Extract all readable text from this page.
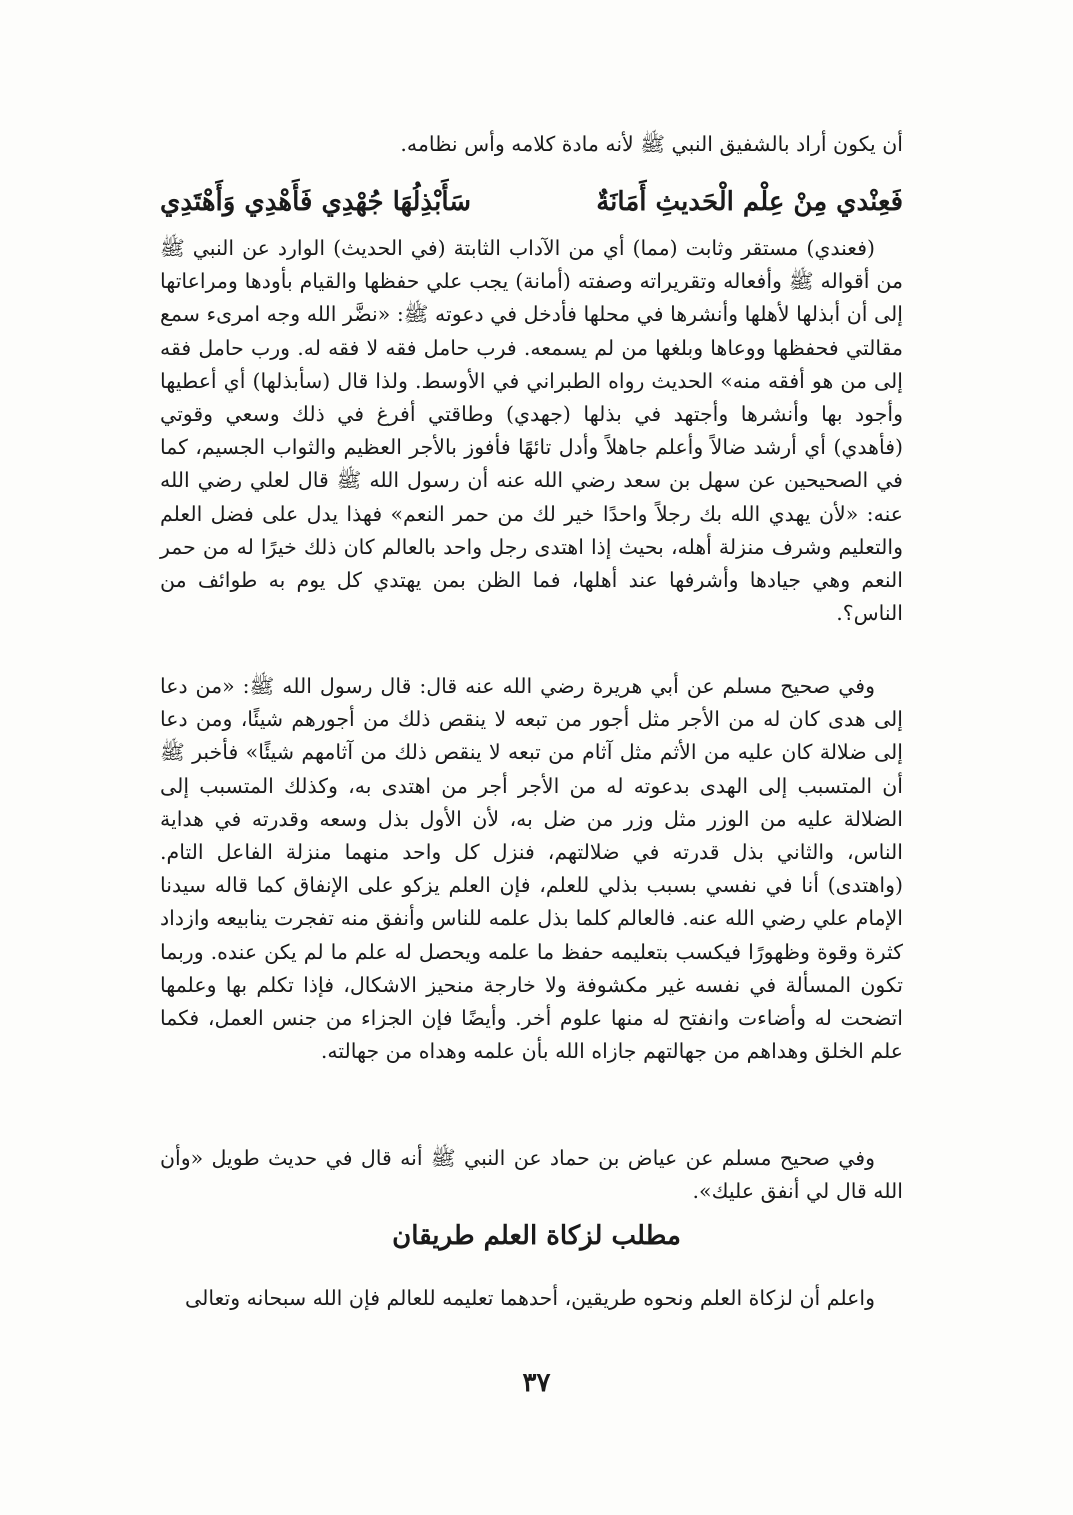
أن يكون أراد بالشفيق النبي ﷺ لأنه مادة كلامه وأس نظامه.
فَعِنْدي مِنْ عِلْم الْحَديثِ أَمَانَةٌ
سَأَبْذِلُهَا جُهْدِي فَأَهْدِي وَأَهْتَدِي
(فعندي) مستقر وثابت (مما) أي من الآداب الثابتة (في الحديث) الوارد عن النبي ﷺ من أقواله ﷺ وأفعاله وتقريراته وصفته (أمانة) يجب علي حفظها والقيام بأودها ومراعاتها إلى أن أبذلها لأهلها وأنشرها في محلها فأدخل في دعوته ﷺ: «نضَّر الله وجه امرىء سمع مقالتي فحفظها ووعاها وبلغها من لم يسمعه. فرب حامل فقه لا فقه له. ورب حامل فقه إلى من هو أفقه منه» الحديث رواه الطبراني في الأوسط. ولذا قال (سأبذلها) أي أعطيها وأجود بها وأنشرها وأجتهد في بذلها (جهدي) وطاقتي أفرغ في ذلك وسعي وقوتي (فأهدي) أي أرشد ضالاً وأعلم جاهلاً وأدل تائهًا فأفوز بالأجر العظيم والثواب الجسيم، كما في الصحيحين عن سهل بن سعد رضي الله عنه أن رسول الله ﷺ قال لعلي رضي الله عنه: «لأن يهدي الله بك رجلاً واحدًا خير لك من حمر النعم» فهذا يدل على فضل العلم والتعليم وشرف منزلة أهله، بحيث إذا اهتدى رجل واحد بالعالم كان ذلك خيرًا له من حمر النعم وهي جيادها وأشرفها عند أهلها، فما الظن بمن يهتدي كل يوم به طوائف من الناس؟.
وفي صحيح مسلم عن أبي هريرة رضي الله عنه قال: قال رسول الله ﷺ: «من دعا إلى هدى كان له من الأجر مثل أجور من تبعه لا ينقص ذلك من أجورهم شيئًا، ومن دعا إلى ضلالة كان عليه من الأثم مثل آثام من تبعه لا ينقص ذلك من آثامهم شيئًا» فأخبر ﷺ أن المتسبب إلى الهدى بدعوته له من الأجر أجر من اهتدى به، وكذلك المتسبب إلى الضلالة عليه من الوزر مثل وزر من ضل به، لأن الأول بذل وسعه وقدرته في هداية الناس، والثاني بذل قدرته في ضلالتهم، فنزل كل واحد منهما منزلة الفاعل التام. (واهتدى) أنا في نفسي بسبب بذلي للعلم، فإن العلم يزكو على الإنفاق كما قاله سيدنا الإمام علي رضي الله عنه. فالعالم كلما بذل علمه للناس وأنفق منه تفجرت ينابيعه وازداد كثرة وقوة وظهورًا فيكسب بتعليمه حفظ ما علمه ويحصل له علم ما لم يكن عنده. وربما تكون المسألة في نفسه غير مكشوفة ولا خارجة منحيز الاشكال، فإذا تكلم بها وعلمها اتضحت له وأضاءت وانفتح له منها علوم أخر. وأيضًا فإن الجزاء من جنس العمل، فكما علم الخلق وهداهم من جهالتهم جازاه الله بأن علمه وهداه من جهالته.
وفي صحيح مسلم عن عياض بن حماد عن النبي ﷺ أنه قال في حديث طويل «وأن الله قال لي أنفق عليك».
مطلب لزكاة العلم طريقان
واعلم أن لزكاة العلم ونحوه طريقين، أحدهما تعليمه للعالم فإن الله سبحانه وتعالى
٣٧
